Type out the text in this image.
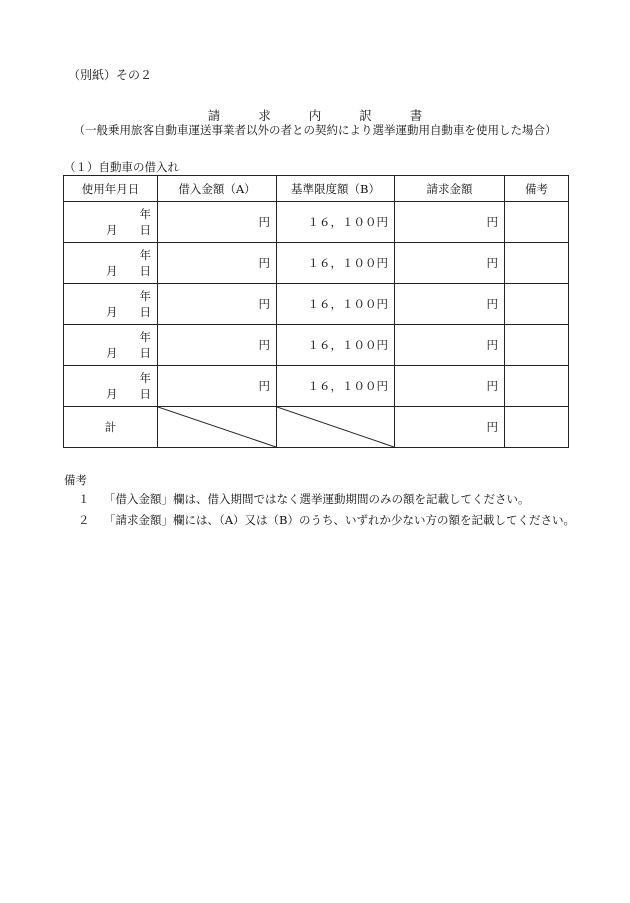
（別紙）その２
請	求	内	訳	書
（一般乗用旅客自動車運送事業者以外の者との契約により選挙運動用自動車を使用した場合）
（１）自動車の借入れ
使用年月日	借入金額（A）	基準限度額（B）	請求金額	備考

年
月 日	円	１６，１００円	円	

年
月 日	円	１６，１００円	円	

年
月 日	円	１６，１００円	円	

年
月 日	円	１６，１００円	円	

年
月 日	円	１６，１００円	円	
計			円	
備考
１ 「借入金額」欄は、借入期間ではなく選挙運動期間のみの額を記載してください。
２ 「請求金額」欄には、（A）又は（B）のうち、いずれか少ない方の額を記載してください。
